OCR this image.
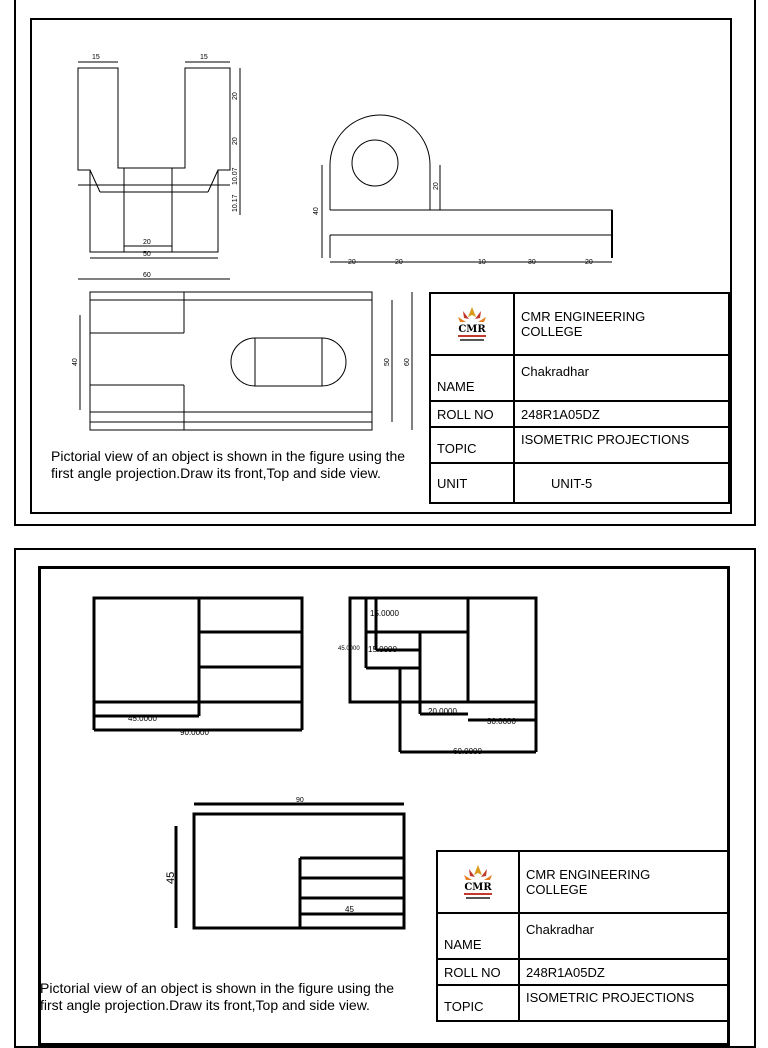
15	15
20
20
10.07
10.17
20
50
60
40
20
20	20	10	30	20
40	50 60
Pictorial view of an object is shown in the figure using the
first angle projection.Draw its front,Top and side view.
CMR	CMR ENGINEERING
COLLEGE

NAME	Chakradhar
ROLL NO	248R1A05DZ
TOPIC	ISOMETRIC PROJECTIONS
UNIT	UNIT-5
45.0000
90.0000
15.0000
45.0000 15.0000
20.0000
30.0000
60.0000
90
45
45
Pictorial view of an object is shown in the figure using the
first angle projection.Draw its front,Top and side view.
CMR	CMR ENGINEERING
COLLEGE

NAME	Chakradhar
ROLL NO	248R1A05DZ
TOPIC	ISOMETRIC PROJECTIONS
